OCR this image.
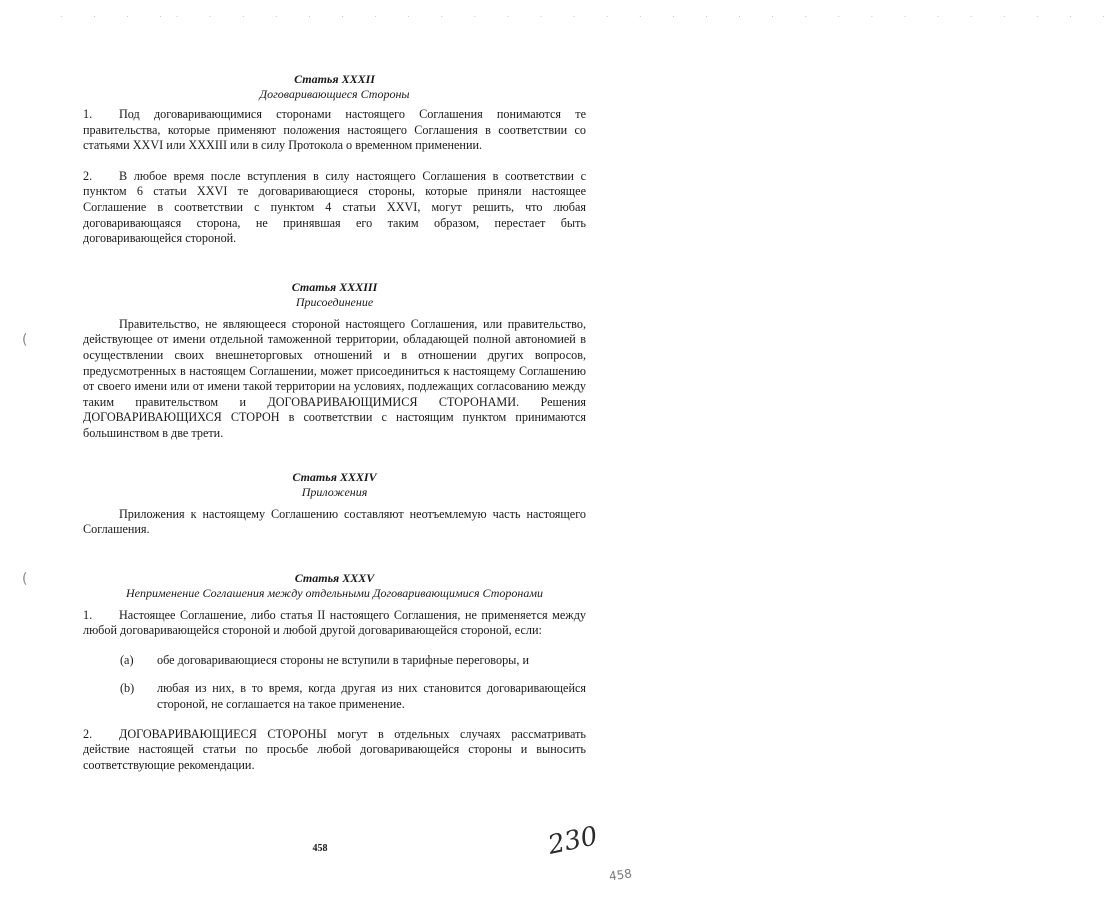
. . . .. . . . . . . . . . . . . . . . . . . . . . . . . . . . .
(
(
Статья XXXII
Договаривающиеся Стороны

1. Под договаривающимися сторонами настоящего Соглашения понимаются те правительства, которые применяют положения настоящего Соглашения в соответствии со статьями XXVI или XXXIII или в силу Протокола о временном применении.

2. В любое время после вступления в силу настоящего Соглашения в соответствии с пунктом 6 статьи XXVI те договаривающиеся стороны, которые приняли настоящее Соглашение в соответствии с пунктом 4 статьи XXVI, могут решить, что любая договаривающаяся сторона, не принявшая его таким образом, перестает быть договаривающейся стороной.

Статья XXXIII
Присоединение

Правительство, не являющееся стороной настоящего Соглашения, или правительство, действующее от имени отдельной таможенной территории, обладающей полной автономией в осуществлении своих внешнеторговых отношений и в отношении других вопросов, предусмотренных в настоящем Соглашении, может присоединиться к настоящему Соглашению от своего имени или от имени такой территории на условиях, подлежащих согласованию между таким правительством и ДОГОВАРИВАЮЩИМИСЯ СТОРОНАМИ. Решения ДОГОВАРИВАЮЩИХСЯ СТОРОН в соответствии с настоящим пунктом принимаются большинством в две трети.

Статья XXXIV
Приложения

Приложения к настоящему Соглашению составляют неотъемлемую часть настоящего Соглашения.

Статья XXXV
Неприменение Соглашения между отдельными Договаривающимися Сторонами

1. Настоящее Соглашение, либо статья II настоящего Соглашения, не применяется между любой договаривающейся стороной и любой другой договаривающейся стороной, если:

(a)	обе договаривающиеся стороны не вступили в тарифные переговоры, и
(b)	любая из них, в то время, когда другая из них становится договаривающейся стороной, не соглашается на такое применение.

2. ДОГОВАРИВАЮЩИЕСЯ СТОРОНЫ могут в отдельных случаях рассматривать действие настоящей статьи по просьбе любой договаривающейся стороны и выносить соответствующие рекомендации.

458	230
458
